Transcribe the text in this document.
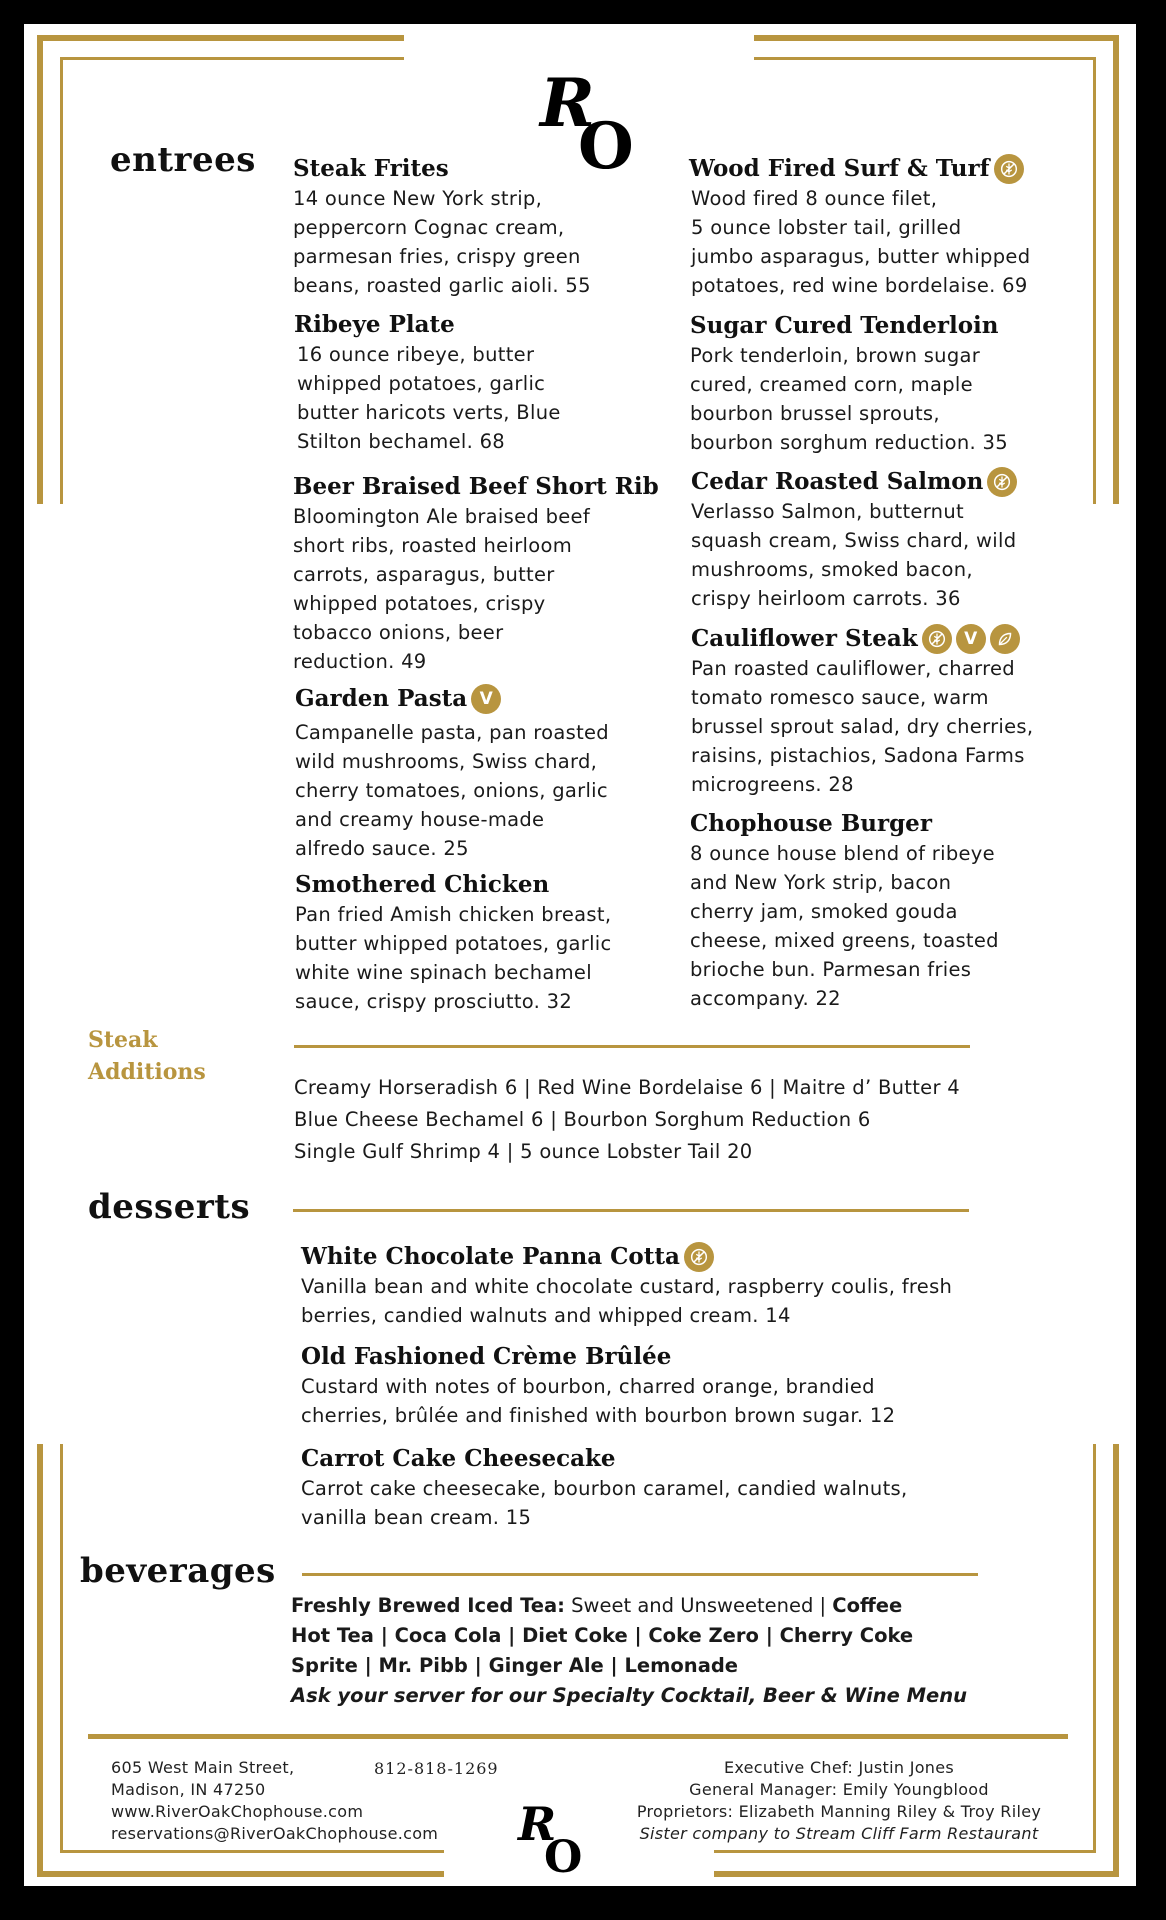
R
O
entrees Steak Frites
14 ounce New York strip,
peppercorn Cognac cream,
parmesan fries, crispy green
beans, roasted garlic aioli. 55
Ribeye Plate
16 ounce ribeye, butter
whipped potatoes, garlic
butter haricots verts, Blue
Stilton bechamel. 68
Beer Braised Beef Short Rib
Bloomington Ale braised beef
short ribs, roasted heirloom
carrots, asparagus, butter
whipped potatoes, crispy
tobacco onions, beer
reduction. 49
Garden Pasta V
Campanelle pasta, pan roasted
wild mushrooms, Swiss chard,
cherry tomatoes, onions, garlic
and creamy house-made
alfredo sauce. 25
Smothered Chicken
Pan fried Amish chicken breast,
butter whipped potatoes, garlic
white wine spinach bechamel
sauce, crispy prosciutto. 32
Wood Fired Surf & Turf
Wood fired 8 ounce filet,
5 ounce lobster tail, grilled
jumbo asparagus, butter whipped
potatoes, red wine bordelaise. 69
Sugar Cured Tenderloin
Pork tenderloin, brown sugar
cured, creamed corn, maple
bourbon brussel sprouts,
bourbon sorghum reduction. 35
Cedar Roasted Salmon
Verlasso Salmon, butternut
squash cream, Swiss chard, wild
mushrooms, smoked bacon,
crispy heirloom carrots. 36
Cauliflower Steak	V
Pan roasted cauliflower, charred
tomato romesco sauce, warm
brussel sprout salad, dry cherries,
raisins, pistachios, Sadona Farms
microgreens. 28
Chophouse Burger
8 ounce house blend of ribeye
and New York strip, bacon
cherry jam, smoked gouda
cheese, mixed greens, toasted
brioche bun. Parmesan fries
accompany. 22
Steak
Additions
Creamy Horseradish 6 | Red Wine Bordelaise 6 | Maitre d’ Butter 4
Blue Cheese Bechamel 6 | Bourbon Sorghum Reduction 6
Single Gulf Shrimp 4 | 5 ounce Lobster Tail 20
desserts
White Chocolate Panna Cotta
Vanilla bean and white chocolate custard, raspberry coulis, fresh
berries, candied walnuts and whipped cream. 14
Old Fashioned Crème Brûlée
Custard with notes of bourbon, charred orange, brandied
cherries, brûlée and finished with bourbon brown sugar. 12
Carrot Cake Cheesecake
Carrot cake cheesecake, bourbon caramel, candied walnuts,
vanilla bean cream. 15
beverages
Freshly Brewed Iced Tea: Sweet and Unsweetened | Coffee
Hot Tea | Coca Cola | Diet Coke | Coke Zero | Cherry Coke
Sprite | Mr. Pibb | Ginger Ale | Lemonade
Ask your server for our Specialty Cocktail, Beer & Wine Menu
605 West Main Street,
Madison, IN 47250
www.RiverOakChophouse.com
reservations@RiverOakChophouse.com
812-818-1269
R
O
Executive Chef: Justin Jones
General Manager: Emily Youngblood
Proprietors: Elizabeth Manning Riley & Troy Riley
Sister company to Stream Cliff Farm Restaurant
